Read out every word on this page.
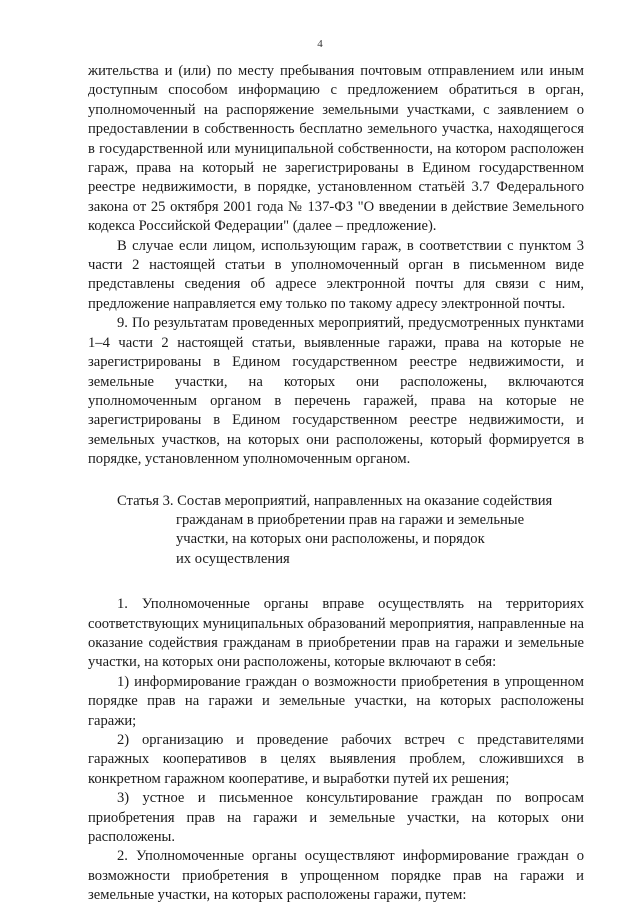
4

жительства и (или) по месту пребывания почтовым отправлением или иным доступным способом информацию с предложением обратиться в орган, уполномоченный на распоряжение земельными участками, с заявлением о предоставлении в собственность бесплатно земельного участка, находящегося в государственной или муниципальной собственности, на котором расположен гараж, права на который не зарегистрированы в Едином государственном реестре недвижимости, в порядке, установленном статьёй 3.7 Федерального закона от 25 октября 2001 года № 137-ФЗ "О введении в действие Земельного кодекса Российской Федерации" (далее – предложение).

В случае если лицом, использующим гараж, в соответствии с пунктом 3 части 2 настоящей статьи в уполномоченный орган в письменном виде представлены сведения об адресе электронной почты для связи с ним, предложение направляется ему только по такому адресу электронной почты.

9. По результатам проведенных мероприятий, предусмотренных пунктами 1–4 части 2 настоящей статьи, выявленные гаражи, права на которые не зарегистрированы в Едином государственном реестре недвижимости, и земельные участки, на которых они расположены, включаются уполномоченным органом в перечень гаражей, права на которые не зарегистрированы в Едином государственном реестре недвижимости, и земельных участков, на которых они расположены, который формируется в порядке, установленном уполномоченным органом.

Статья 3. Состав мероприятий, направленных на оказание содействия
гражданам в приобретении прав на гаражи и земельные
участки, на которых они расположены, и порядок
их осуществления

1. Уполномоченные органы вправе осуществлять на территориях соответствующих муниципальных образований мероприятия, направленные на оказание содействия гражданам в приобретении прав на гаражи и земельные участки, на которых они расположены, которые включают в себя:

1) информирование граждан о возможности приобретения в упрощенном порядке прав на гаражи и земельные участки, на которых расположены гаражи;

2) организацию и проведение рабочих встреч с представителями гаражных кооперативов в целях выявления проблем, сложившихся в конкретном гаражном кооперативе, и выработки путей их решения;

3) устное и письменное консультирование граждан по вопросам приобретения прав на гаражи и земельные участки, на которых они расположены.

2. Уполномоченные органы осуществляют информирование граждан о возможности приобретения в упрощенном порядке прав на гаражи и земельные участки, на которых расположены гаражи, путем:
